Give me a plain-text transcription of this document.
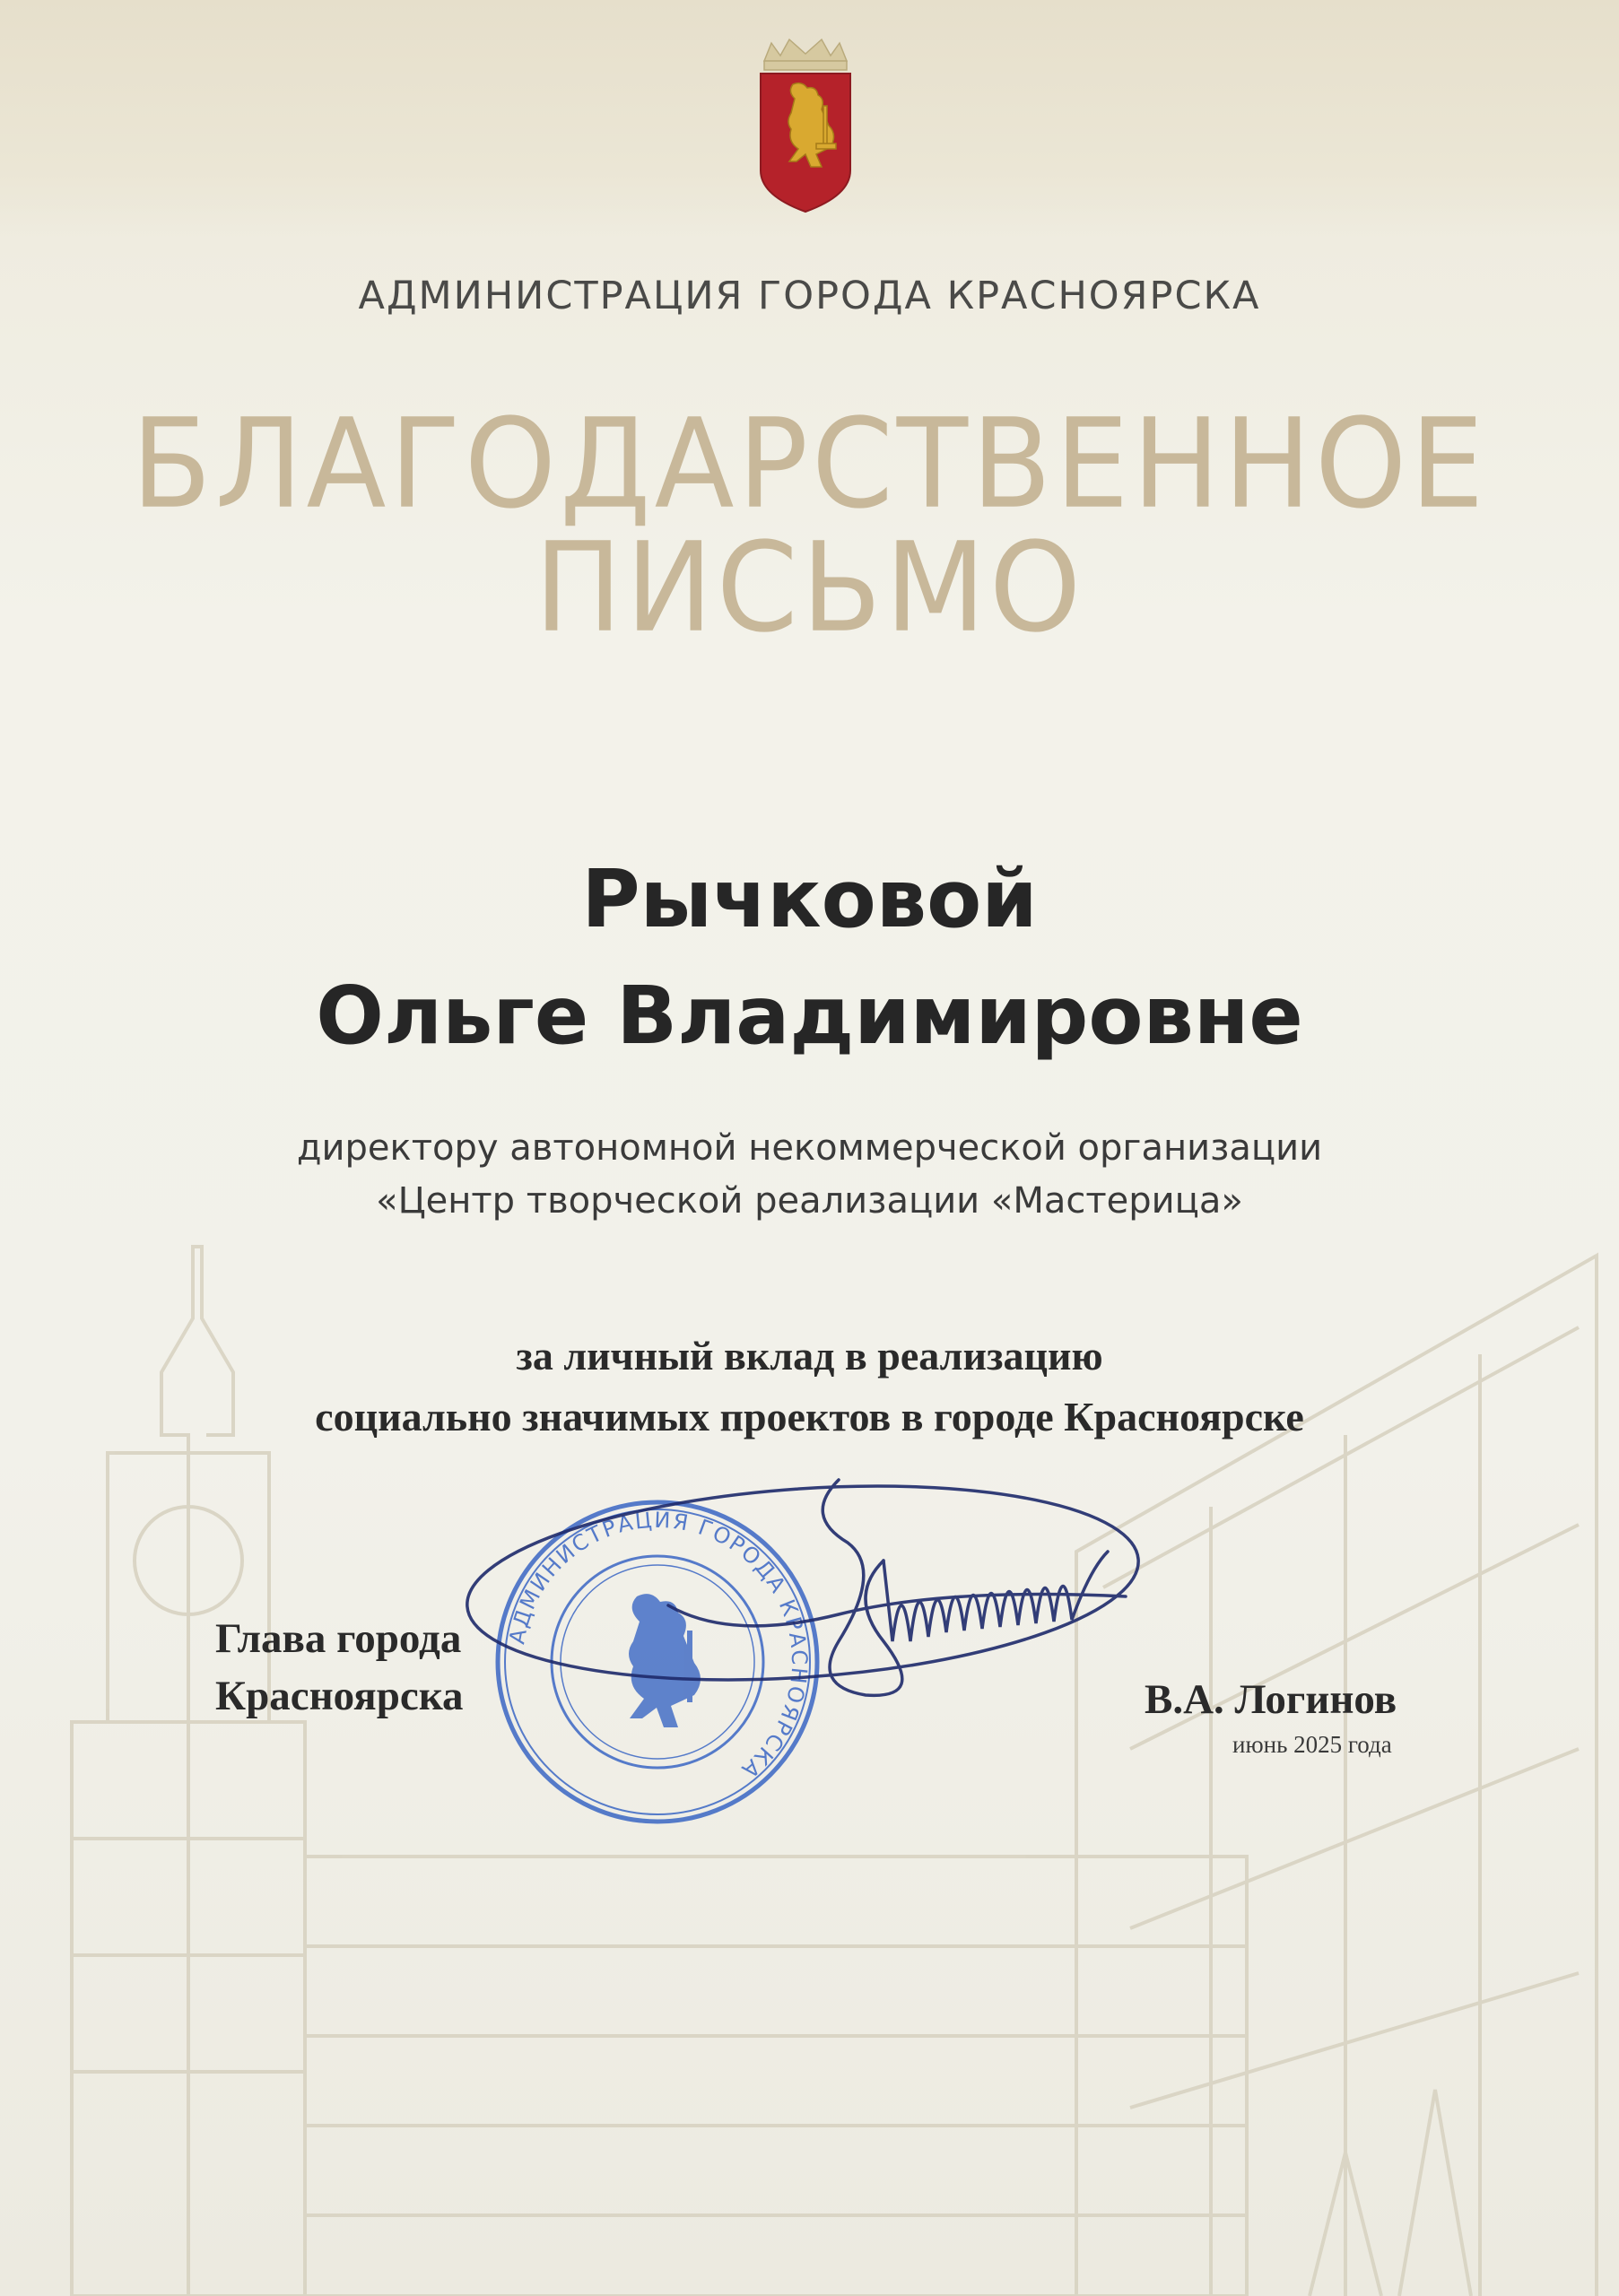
АДМИНИСТРАЦИЯ ГОРОДА КРАСНОЯРСКА
БЛАГОДАРСТВЕННОЕ
ПИСЬМО
Рычковой
Ольге Владимировне
директору автономной некоммерческой организации
«Центр творческой реализации «Мастерица»
за личный вклад в реализацию
социально значимых проектов в городе Красноярске
Глава города
Красноярска	В.А. Логинов
июнь 2025 года
АДМИНИСТРАЦИЯ ГОРОДА КРАСНОЯРСКА
